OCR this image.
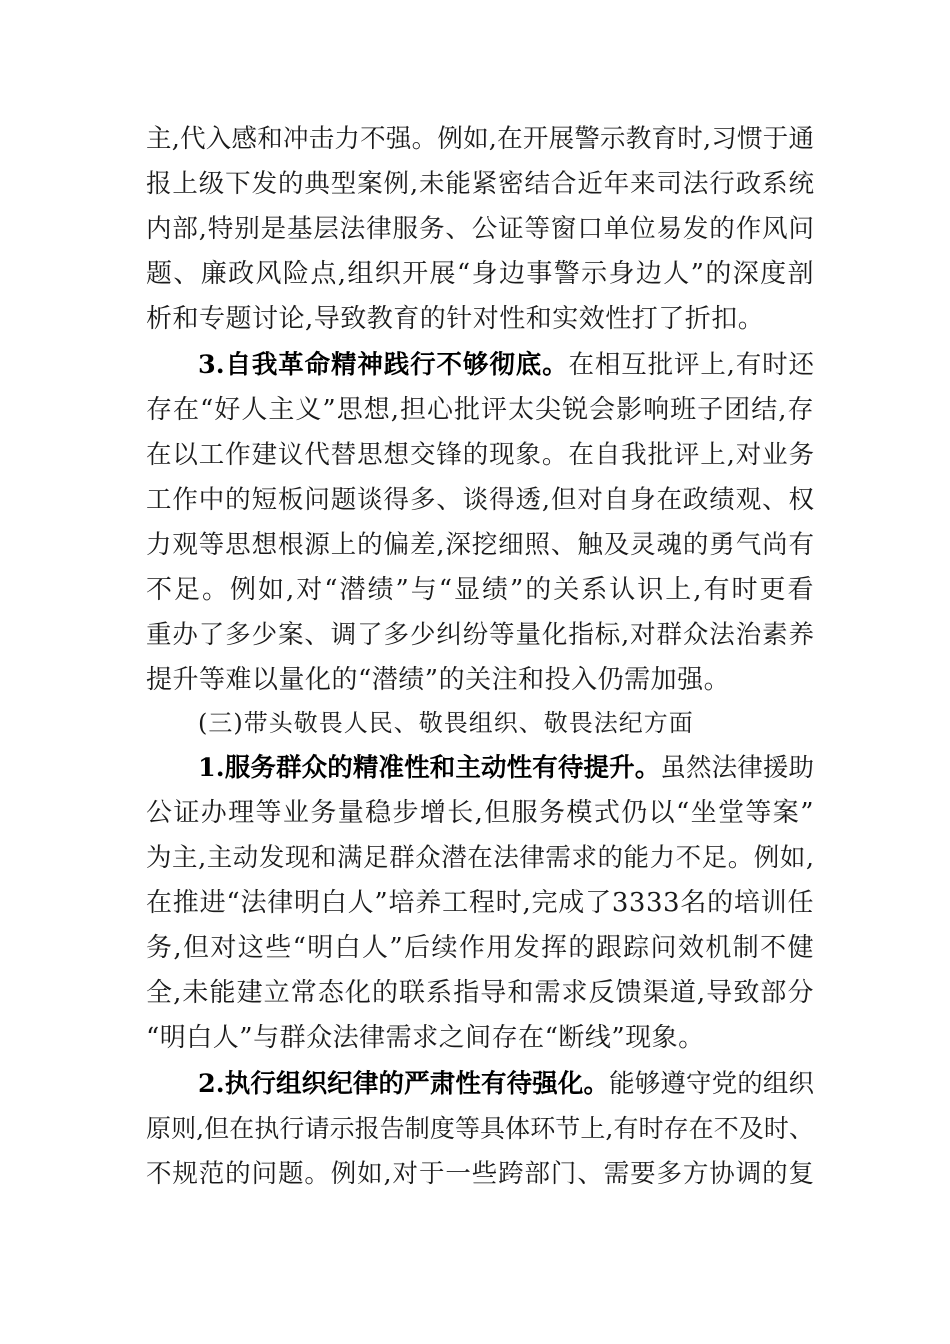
主,代入感和冲击力不强。例如,在开展警示教育时,习惯于通
报上级下发的典型案例,未能紧密结合近年来司法行政系统
内部,特别是基层法律服务、公证等窗口单位易发的作风问
题、廉政风险点,组织开展“身边事警示身边人”的深度剖
析和专题讨论,导致教育的针对性和实效性打了折扣。
3.自我革命精神践行不够彻底。在相互批评上,有时还
存在“好人主义”思想,担心批评太尖锐会影响班子团结,存
在以工作建议代替思想交锋的现象。在自我批评上,对业务
工作中的短板问题谈得多、谈得透,但对自身在政绩观、权
力观等思想根源上的偏差,深挖细照、触及灵魂的勇气尚有
不足。例如,对“潜绩”与“显绩”的关系认识上,有时更看
重办了多少案、调了多少纠纷等量化指标,对群众法治素养
提升等难以量化的“潜绩”的关注和投入仍需加强。
(三)带头敬畏人民、敬畏组织、敬畏法纪方面
1.服务群众的精准性和主动性有待提升。虽然法律援助
公证办理等业务量稳步增长,但服务模式仍以“坐堂等案”
为主,主动发现和满足群众潜在法律需求的能力不足。例如,
在推进“法律明白人”培养工程时,完成了3333名的培训任
务,但对这些“明白人”后续作用发挥的跟踪问效机制不健
全,未能建立常态化的联系指导和需求反馈渠道,导致部分
“明白人”与群众法律需求之间存在“断线”现象。
2.执行组织纪律的严肃性有待强化。能够遵守党的组织
原则,但在执行请示报告制度等具体环节上,有时存在不及时、
不规范的问题。例如,对于一些跨部门、需要多方协调的复
